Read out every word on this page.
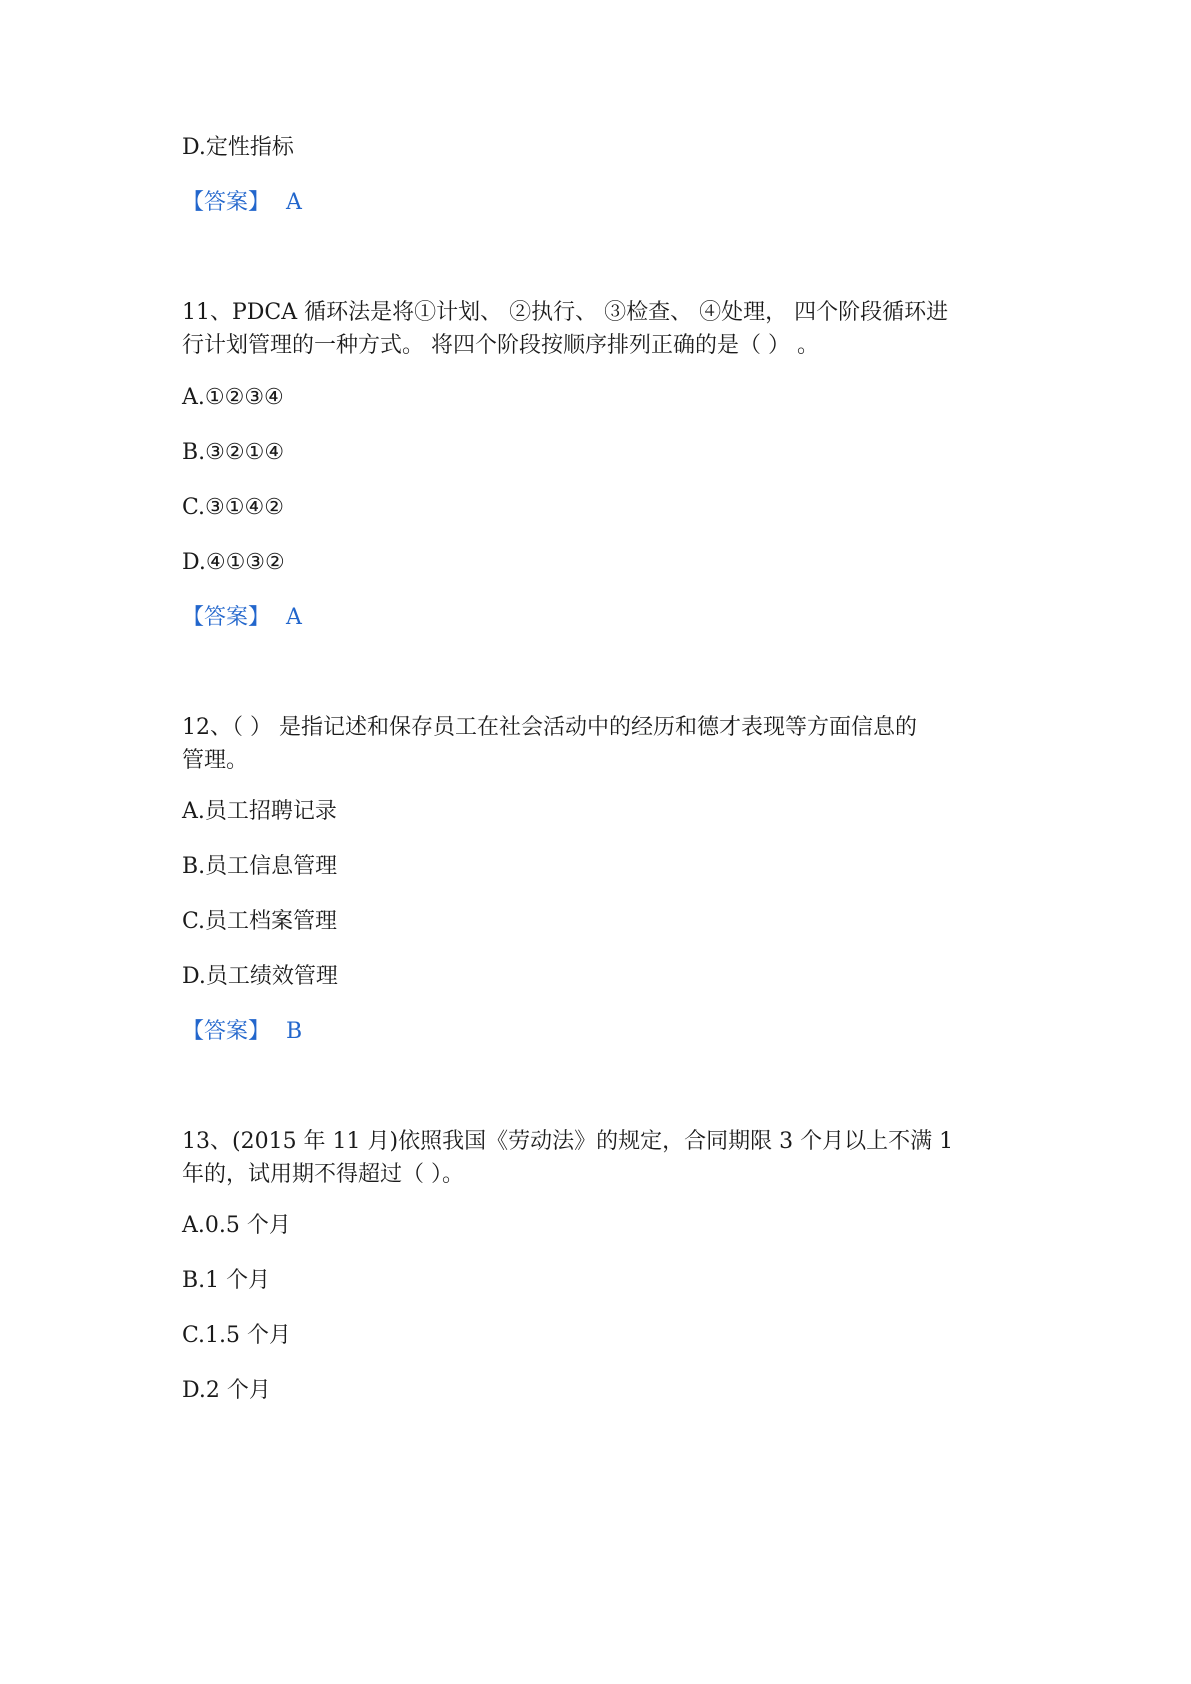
D.定性指标
【答案】 A
11、PDCA 循环法是将①计划、 ②执行、 ③检查、 ④处理， 四个阶段循环进
行计划管理的一种方式。 将四个阶段按顺序排列正确的是（ ） 。
A.①②③④
B.③②①④
C.③①④②
D.④①③②
【答案】 A
12、（ ） 是指记述和保存员工在社会活动中的经历和德才表现等方面信息的
管理。
A.员工招聘记录
B.员工信息管理
C.员工档案管理
D.员工绩效管理
【答案】 B
13、(2015 年 11 月)依照我国《劳动法》的规定，合同期限 3 个月以上不满 1
年的，试用期不得超过（ ）。
A.0.5 个月
B.1 个月
C.1.5 个月
D.2 个月
